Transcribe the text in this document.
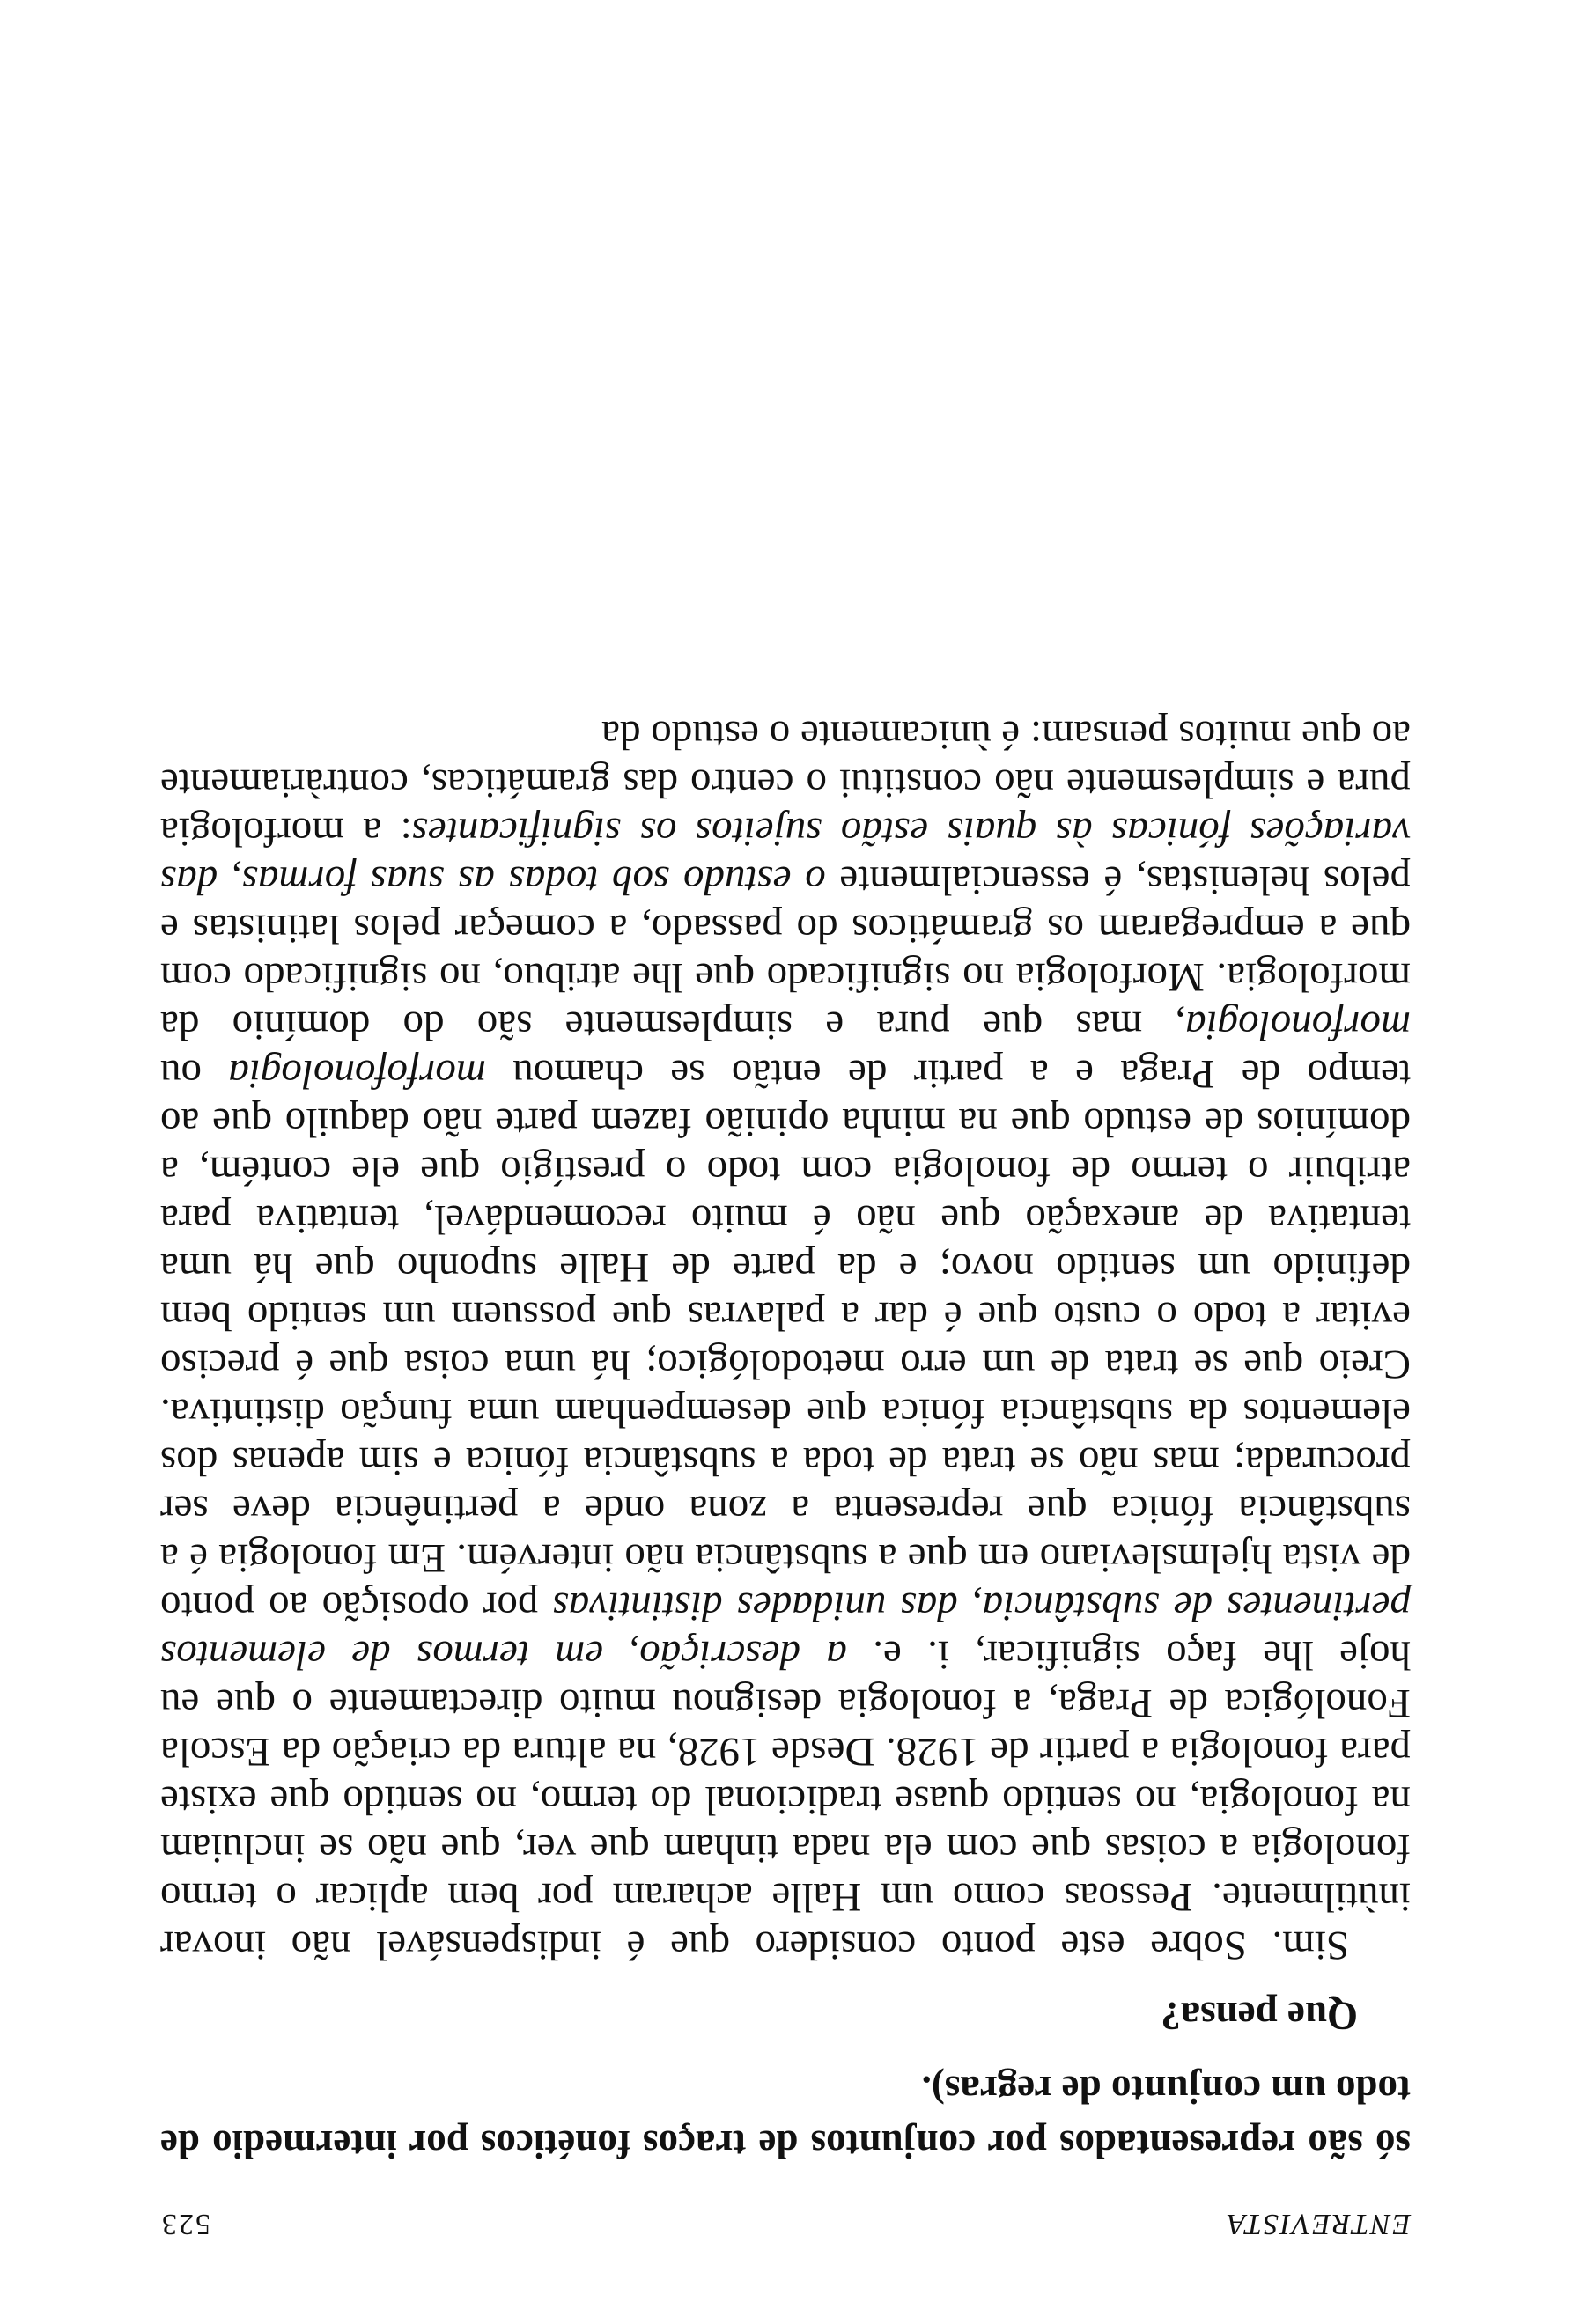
ENTREVISTA
523

só são representados por conjuntos de traços fonéticos por intermedio de todo um conjunto de regras).

Que pensa?

Sim. Sobre este ponto considero que é indispensável não inovar inùtilmente. Pessoas como um Halle acharam por bem aplicar o termo fonologia a coisas que com ela nada tinham que ver, que não se incluiam na fonologia, no sentido quase tradicional do termo, no sentido que existe para fonologia a partir de 1928. Desde 1928, na altura da criação da Escola Fonológica de Praga, a fonologia designou muito directamente o que eu hoje lhe faço significar, i. e. a descrição, em termos de elementos pertinentes de substância, das unidades distintivas por oposição ao ponto de vista hjelmsleviano em que a substância não intervém. Em fonologia é a substância fónica que representa a zona onde a pertinência deve ser procurada; mas não se trata de toda a substância fónica e sim apenas dos elementos da substância fónica que desempenham uma função distintiva. Creio que se trata de um erro metodológico; há uma coisa que é preciso evitar a todo o custo que é dar a palavras que possuem um sentido bem definido um sentido novo; e da parte de Halle suponho que há uma tentativa de anexação que não é muito recomendável, tentativa para atribuir o termo de fonologia com todo o prestígio que ele contém, a domínios de estudo que na minha opinião fazem parte não daquilo que ao tempo de Praga e a partir de então se chamou morfofonologia ou morfonologia, mas que pura e simplesmente são do domínio da morfologia. Morfologia no significado que lhe atribuo, no significado com que a empregaram os gramáticos do passado, a começar pelos latinistas e pelos helenistas, é essencialmente o estudo sob todas as suas formas, das variações fónicas às quais estão sujeitos os significantes: a morfologia pura e simplesmente não constitui o centro das gramáticas, contràriamente ao que muitos pensam: é ùnicamente o estudo da
